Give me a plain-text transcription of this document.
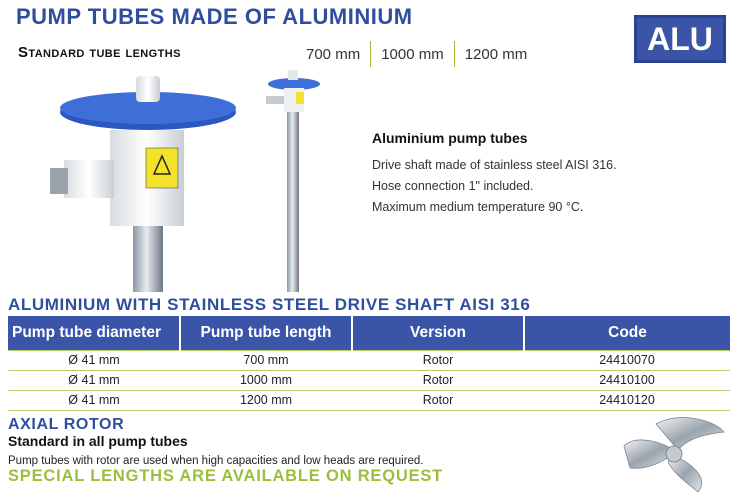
PUMP TUBES MADE OF ALUMINIUM
Standard tube lengths	700 mm	1000 mm	1200 mm	ALU
Aluminium pump tubes
Drive shaft made of stainless steel AISI 316.
Hose connection 1" included.
Maximum medium temperature 90 °C.
ALUMINIUM WITH STAINLESS STEEL DRIVE SHAFT AISI 316
Pump tube diameter	Pump tube length	Version	Code
Ø 41 mm	700 mm	Rotor	24410070
Ø 41 mm	1000 mm	Rotor	24410100
Ø 41 mm	1200 mm	Rotor	24410120
AXIAL ROTOR
Standard in all pump tubes
Pump tubes with rotor are used when high capacities and low heads are required.
SPECIAL LENGTHS ARE AVAILABLE ON REQUEST
